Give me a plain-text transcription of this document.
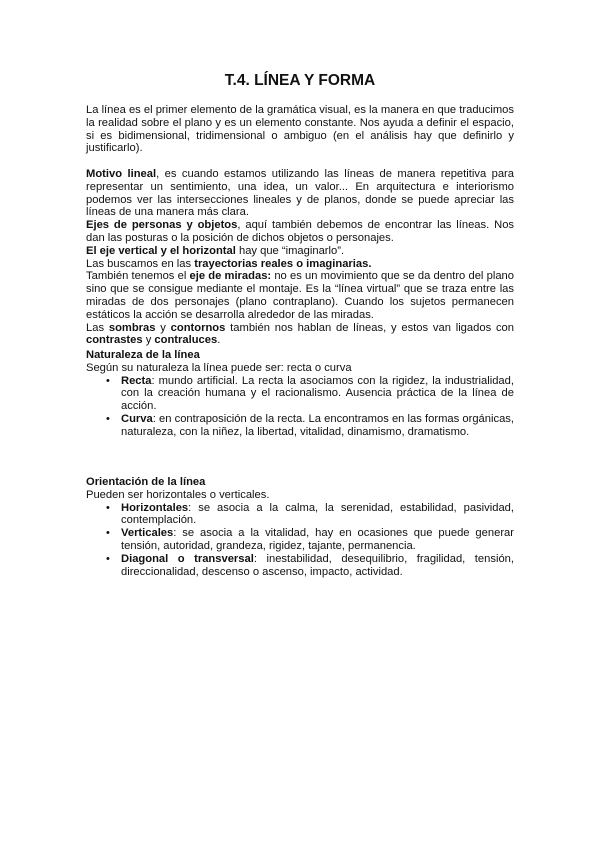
T.4. LÍNEA Y FORMA

La línea es el primer elemento de la gramática visual, es la manera en que traducimos la realidad sobre el plano y es un elemento constante. Nos ayuda a definir el espacio, si es bidimensional, tridimensional o ambiguo (en el análisis hay que definirlo y justificarlo).

Motivo lineal, es cuando estamos utilizando las líneas de manera repetitiva para representar un sentimiento, una idea, un valor... En arquitectura e interiorismo podemos ver las intersecciones lineales y de planos, donde se puede apreciar las líneas de una manera más clara.

Ejes de personas y objetos, aquí también debemos de encontrar las líneas. Nos dan las posturas o la posición de dichos objetos o personajes.

El eje vertical y el horizontal hay que “imaginarlo”.

Las buscamos en las trayectorias reales o imaginarias.

También tenemos el eje de miradas: no es un movimiento que se da dentro del plano sino que se consigue mediante el montaje. Es la “línea virtual” que se traza entre las miradas de dos personajes (plano contraplano). Cuando los sujetos permanecen estáticos la acción se desarrolla alrededor de las miradas.

Las sombras y contornos también nos hablan de líneas, y estos van ligados con contrastes y contraluces.

Naturaleza de la línea

Según su naturaleza la línea puede ser: recta o curva

• Recta: mundo artificial. La recta la asociamos con la rigidez, la industrialidad, con la creación humana y el racionalismo. Ausencia práctica de la línea de acción.
• Curva: en contraposición de la recta. La encontramos en las formas orgánicas, naturaleza, con la niñez, la libertad, vitalidad, dinamismo, dramatismo.

Orientación de la línea

Pueden ser horizontales o verticales.

• Horizontales: se asocia a la calma, la serenidad, estabilidad, pasividad, contemplación.
• Verticales: se asocia a la vitalidad, hay en ocasiones que puede generar tensión, autoridad, grandeza, rigidez, tajante, permanencia.
• Diagonal o transversal: inestabilidad, desequilibrio, fragilidad, tensión, direccionalidad, descenso o ascenso, impacto, actividad.
